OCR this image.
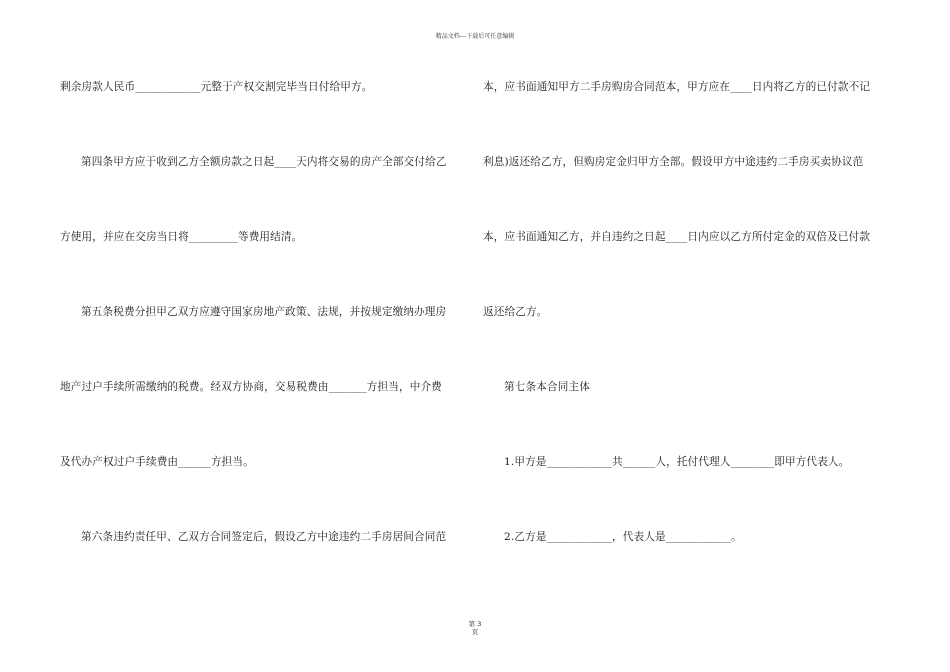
精品文档---下载后可任意编辑
剩余房款人民币____________元整于产权交割完毕当日付给甲方。
第四条甲方应于收到乙方全额房款之日起____天内将交易的房产全部交付给乙
方使用，并应在交房当日将_________等费用结清。
第五条税费分担甲乙双方应遵守国家房地产政策、法规，并按规定缴纳办理房
地产过户手续所需缴纳的税费。经双方协商，交易税费由_______方担当，中介费
及代办产权过户手续费由______方担当。
第六条违约责任甲、乙双方合同签定后，假设乙方中途违约二手房居间合同范
本，应书面通知甲方二手房购房合同范本，甲方应在____日内将乙方的已付款不记
利息)返还给乙方，但购房定金归甲方全部。假设甲方中途违约二手房买卖协议范
本，应书面通知乙方，并自违约之日起____日内应以乙方所付定金的双倍及已付款
返还给乙方。
第七条本合同主体
1.甲方是____________共______人，托付代理人________即甲方代表人。
2.乙方是____________，代表人是____________。
第 3
页
